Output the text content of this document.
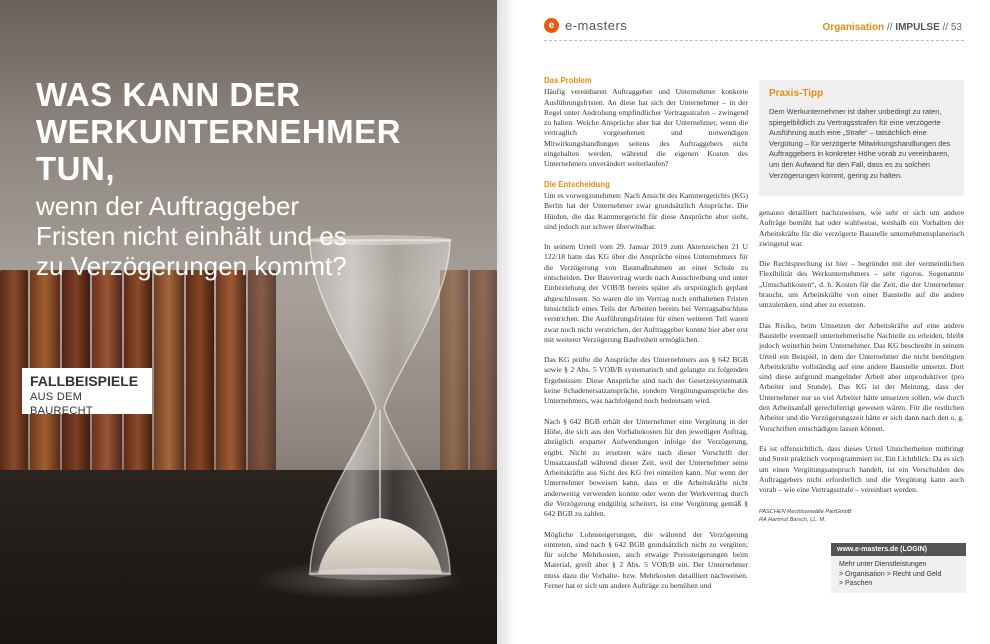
WAS KANN DER
WERKUNTERNEHMER TUN,
wenn der Auftraggeber
Fristen nicht einhält und es
zu Verzögerungen kommt?
FALLBEISPIELE
AUS DEM BAURECHT
e e-masters	Organisation // IMPULSE // 53
Das Problem

Häufig vereinbaren Auftraggeber und Unternehmer konkrete Ausführungsfristen. An diese hat sich der Unternehmer – in der Regel unter Androhung empfindlicher Vertragsstrafen – zwingend zu halten. Welche Ansprüche aber hat der Unternehmer, wenn die vertraglich vorgesehenen und notwendigen Mitwirkungshandlungen seitens des Auftraggebers nicht eingehalten werden, während die eigenen Kosten des Unternehmers unverändert weiterlaufen?

Die Entscheidung

Um es vorwegzunehmen: Nach Ansicht des Kammergerichts (KG) Berlin hat der Unternehmer zwar grundsätzlich Ansprüche. Die Hürden, die das Kammergericht für diese Ansprüche aber sieht, sind jedoch nur schwer überwindbar.

In seinem Urteil vom 29. Januar 2019 zum Aktenzeichen 21 U 122/18 hatte das KG über die Ansprüche eines Unternehmers für die Verzögerung von Baumaßnahmen an einer Schule zu entscheiden. Der Bauvertrag wurde nach Ausschreibung und unter Einbeziehung der VOB/B bereits später als ursprünglich geplant abgeschlossen. So waren die im Vertrag noch enthaltenen Fristen hinsichtlich eines Teils der Arbeiten bereits bei Vertragsabschluss verstrichen. Die Ausführungsfristen für einen weiteren Teil waren zwar noch nicht verstrichen, der Auftraggeber konnte hier aber erst mit weiterer Verzögerung Baufreiheit ermöglichen.

Das KG prüfte die Ansprüche des Unternehmers aus § 642 BGB sowie § 2 Abs. 5 VOB/B systematisch und gelangte zu folgenden Ergebnissen: Diese Ansprüche sind nach der Gesetzessystematik keine Schadenersatzansprüche, sondern Vergütungsansprüche des Unternehmers, was nachfolgend noch bedeutsam wird.

Nach § 642 BGB erhält der Unternehmer eine Vergütung in der Höhe, die sich aus den Vorhaltekosten für den jeweiligen Auftrag, abzüglich ersparter Aufwendungen infolge der Verzögerung, ergibt. Nicht zu ersetzen wäre nach dieser Vorschrift der Umsatzausfall während dieser Zeit, weil der Unternehmer seine Arbeitskräfte aus Sicht des KG frei einteilen kann. Nur wenn der Unternehmer beweisen kann, dass er die Arbeitskräfte nicht anderweitig verwenden konnte oder wenn der Werkvertrag durch die Verzögerung endgültig scheitert, ist eine Vergütung gemäß § 642 BGB zu zahlen.

Mögliche Lohnsteigerungen, die während der Verzögerung eintreten, sind nach § 642 BGB grundsätzlich nicht zu vergüten; für solche Mehrkosten, auch etwaige Preissteigerungen beim Material, greift aber § 2 Abs. 5 VOB/B ein. Der Unternehmer muss dazu die Vorhalte- bzw. Mehrkosten detailliert nachweisen. Ferner hat er sich um andere Aufträge zu bemühen und

Praxis-Tipp

Dem Werkunternehmer ist daher unbedingt zu raten, spiegelbildlich zu Vertragsstrafen für eine verzögerte Ausführung auch eine „Strafe“ – tatsächlich eine Vergütung – für verzögerte Mitwirkungshandlungen des Auftraggebers in konkreter Höhe vorab zu vereinbaren, um den Aufwand für den Fall, dass es zu solchen Verzögerungen kommt, gering zu halten.

genauso detailliert nachzuweisen, wie sehr er sich um andere Aufträge bemüht hat oder wahlweise, weshalb ein Vorhalten der Arbeitskräfte für die verzögerte Baustelle unternehmensplanerisch zwingend war.

Die Rechtsprechung ist hier – begründet mit der vermeintlichen Flexibilität des Werkunternehmers – sehr rigoros. Sogenannte „Umschaltkosten“, d. h. Kosten für die Zeit, die der Unternehmer braucht, um Arbeitskräfte von einer Baustelle auf die andere umzulenken, sind aber zu ersetzen.

Das Risiko, beim Umsetzen der Arbeitskräfte auf eine andere Baustelle eventuell unternehmerische Nachteile zu erleiden, bleibt jedoch weiterhin beim Unternehmer. Das KG beschreibt in seinem Urteil ein Beispiel, in dem der Unternehmer die nicht benötigten Arbeitskräfte vollständig auf eine andere Baustelle umsetzt. Dort sind diese aufgrund mangelnder Arbeit aber unproduktiver (pro Arbeiter und Stunde). Das KG ist der Meinung, dass der Unternehmer nur so viel Arbeiter hätte umsetzen sollen, wie durch den Arbeitsanfall gerechtfertigt gewesen wären. Für die restlichen Arbeiter und die Verzögerungszeit hätte er sich dann nach den o. g. Vorschriften entschädigen lassen können.

Es ist offensichtlich, dass dieses Urteil Unsicherheiten mitbringt und Streit praktisch vorprogrammiert ist. Ein Lichtblick: Da es sich um einen Vergütungsanspruch handelt, ist ein Verschulden des Auftraggebers nicht erforderlich und die Vergütung kann auch vorab – wie eine Vertragsstrafe – vereinbart werden.

PASCHEN Rechtsanwälte PartGmbB
RA Hartmut Barsch, LL. M.
www.e-masters.de (LOGIN)
Mehr unter Dienstleistungen
> Organisation > Recht und Geld
> Paschen
